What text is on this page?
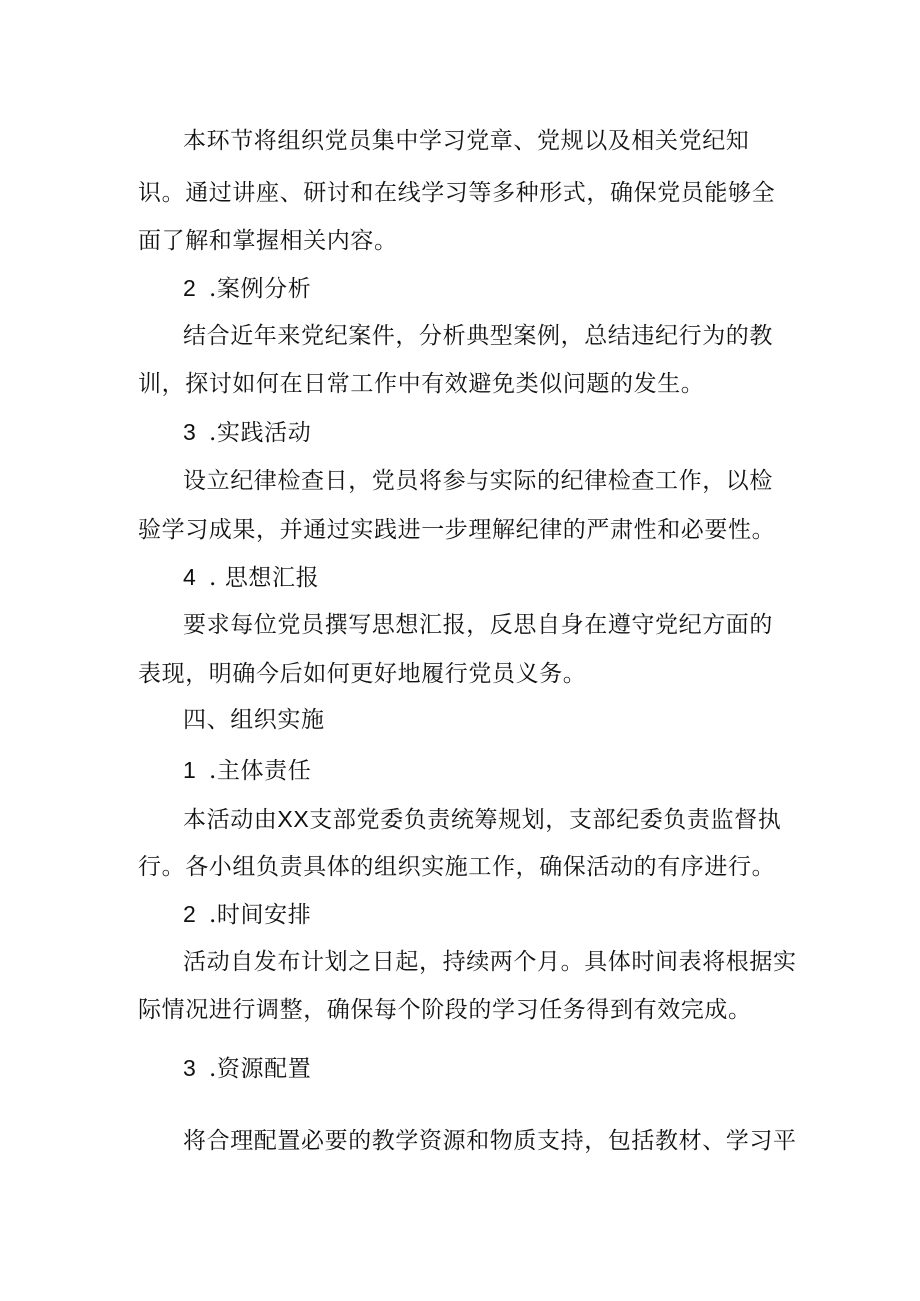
本环节将组织党员集中学习党章、党规以及相关党纪知
识。通过讲座、研讨和在线学习等多种形式，确保党员能够全
面了解和掌握相关内容。
2 .案例分析
结合近年来党纪案件，分析典型案例，总结违纪行为的教
训，探讨如何在日常工作中有效避免类似问题的发生。
3 .实践活动
设立纪律检查日，党员将参与实际的纪律检查工作，以检
验学习成果，并通过实践进一步理解纪律的严肃性和必要性。
4 . 思想汇报
要求每位党员撰写思想汇报，反思自身在遵守党纪方面的
表现，明确今后如何更好地履行党员义务。
四、组织实施
1 .主体责任
本活动由XX支部党委负责统筹规划，支部纪委负责监督执
行。各小组负责具体的组织实施工作，确保活动的有序进行。
2 .时间安排
活动自发布计划之日起，持续两个月。具体时间表将根据实
际情况进行调整，确保每个阶段的学习任务得到有效完成。
3 .资源配置
将合理配置必要的教学资源和物质支持，包括教材、学习平
